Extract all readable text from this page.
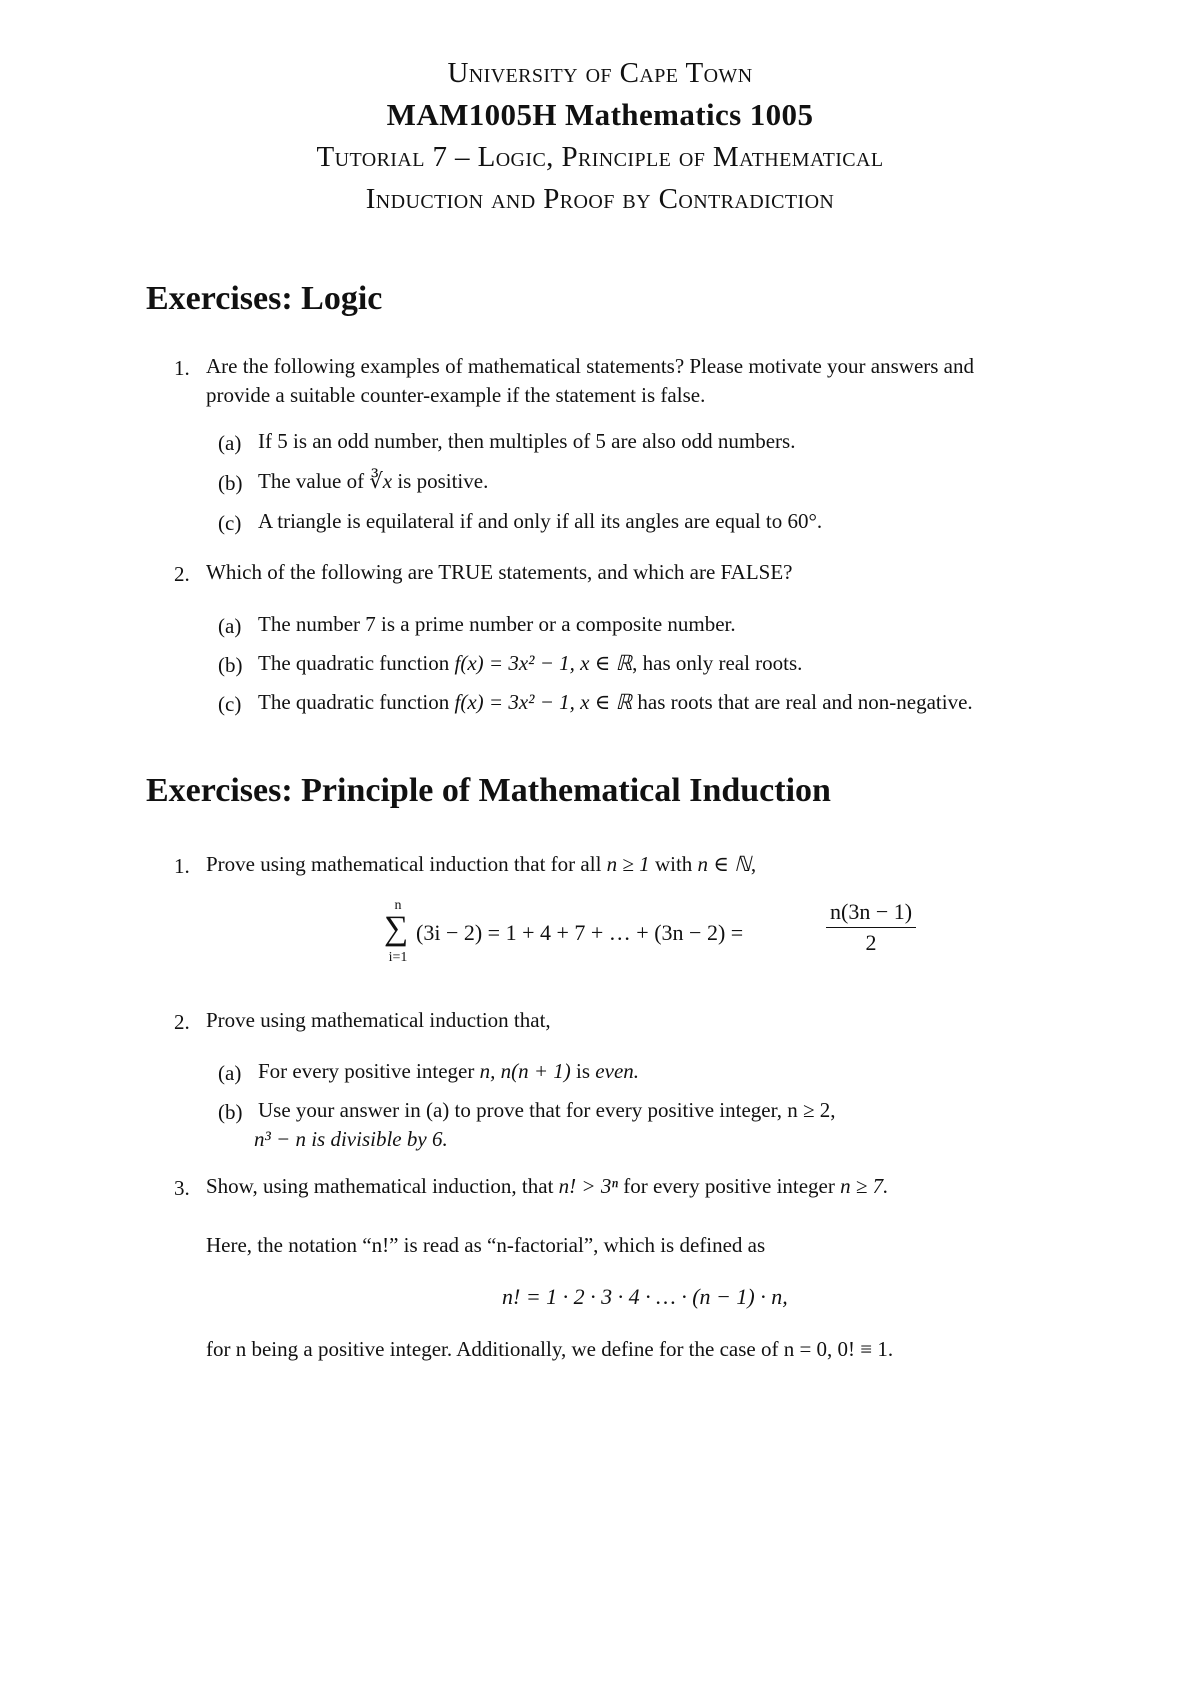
University of Cape Town
MAM1005H Mathematics 1005
Tutorial 7 – Logic, Principle of Mathematical
Induction and Proof by Contradiction
Exercises: Logic
1. Are the following examples of mathematical statements? Please motivate your answers and
provide a suitable counter-example if the statement is false.
(a) If 5 is an odd number, then multiples of 5 are also odd numbers.
(b) The value of ∛x is positive.
(c) A triangle is equilateral if and only if all its angles are equal to 60°.
2. Which of the following are TRUE statements, and which are FALSE?
(a) The number 7 is a prime number or a composite number.
(b) The quadratic function f(x) = 3x² − 1, x ∈ ℝ, has only real roots.
(c) The quadratic function f(x) = 3x² − 1, x ∈ ℝ has roots that are real and non-negative.
Exercises: Principle of Mathematical Induction
1. Prove using mathematical induction that for all n ≥ 1 with n ∈ ℕ,
n
∑
i=1
(3i − 2) = 1 + 4 + 7 + … + (3n − 2) =	$\frac{n(3n - 1)}{2}$
2. Prove using mathematical induction that,
(a) For every positive integer n, n(n + 1) is even.
(b) Use your answer in (a) to prove that for every positive integer, n ≥ 2,
n³ − n is divisible by 6.
3. Show, using mathematical induction, that n! > 3ⁿ for every positive integer n ≥ 7.
Here, the notation “n!” is read as “n-factorial”, which is defined as
n! = 1 · 2 · 3 · 4 · … · (n − 1) · n,
for n being a positive integer. Additionally, we define for the case of n = 0, 0! ≡ 1.
